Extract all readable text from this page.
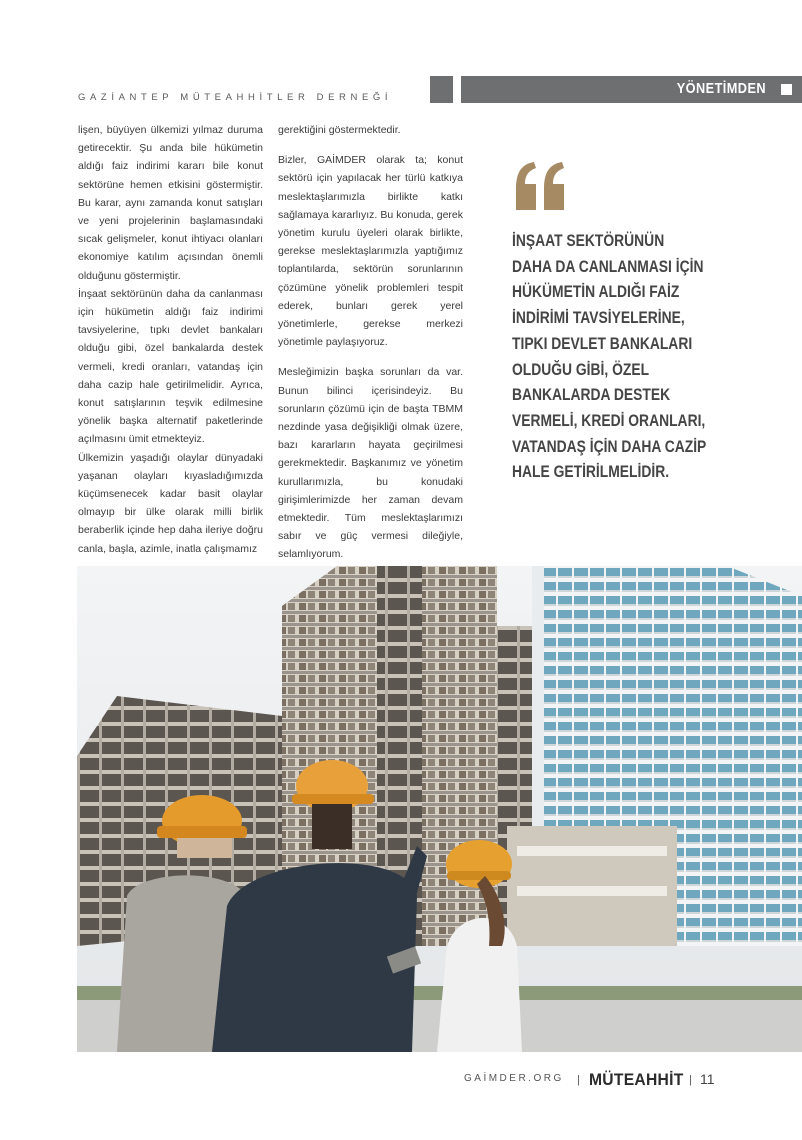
GAZİANTEP MÜTEAHHİTLER DERNEĞİ
YÖNETİMDEN

lişen, büyüyen ülkemizi yılmaz duruma getirecektir. Şu anda bile hükümetin aldığı faiz indirimi kararı bile konut sektörüne hemen etkisini göstermiştir. Bu karar, aynı zamanda konut satışları ve yeni projelerinin başlamasındaki sıcak gelişmeler, konut ihtiyacı olanları ekonomiye katılım açısından önemli olduğunu göstermiştir.

İnşaat sektörünün daha da canlanması için hükümetin aldığı faiz indirimi tavsiyelerine, tıpkı devlet bankaları olduğu gibi, özel bankalarda destek vermeli, kredi oranları, vatandaş için daha cazip hale getirilmelidir. Ayrıca, konut satışlarının teşvik edilmesine yönelik başka alternatif paketlerinde açılmasını ümit etmekteyiz.

Ülkemizin yaşadığı olaylar dünyadaki yaşanan olayları kıyasladığımızda küçümsenecek kadar basit olaylar olmayıp bir ülke olarak milli birlik beraberlik içinde hep daha ileriye doğru canla, başla, azimle, inatla çalışmamız

gerektiğini göstermektedir.

Bizler, GAİMDER olarak ta; konut sektörü için yapılacak her türlü katkıya meslektaşlarımızla birlikte katkı sağlamaya kararlıyız. Bu konuda, gerek yönetim kurulu üyeleri olarak birlikte, gerekse meslektaşlarımızla yaptığımız toplantılarda, sektörün sorunlarının çözümüne yönelik problemleri tespit ederek, bunları gerek yerel yönetimlerle, gerekse merkezi yönetimle paylaşıyoruz.

Mesleğimizin başka sorunları da var. Bunun bilinci içerisindeyiz. Bu sorunların çözümü için de başta TBMM nezdinde yasa değişikliği olmak üzere, bazı kararların hayata geçirilmesi gerekmektedir. Başkanımız ve yönetim kurullarımızla, bu konudaki girişimlerimizde her zaman devam etmektedir. Tüm meslektaşlarımızı sabır ve güç vermesi dileğiyle, selamlıyorum.

İNŞAAT SEKTÖRÜNÜN
DAHA DA CANLANMASI İÇİN
HÜKÜMETİN ALDIĞI FAİZ
İNDİRİMİ TAVSİYELERİNE,
TIPKI DEVLET BANKALARI
OLDUĞU GİBİ, ÖZEL
BANKALARDA DESTEK
VERMELİ, KREDİ ORANLARI,
VATANDAŞ İÇİN DAHA CAZİP
HALE GETİRİLMELİDİR.
GAİMDER.ORG | MÜTEAHHİT | 11
